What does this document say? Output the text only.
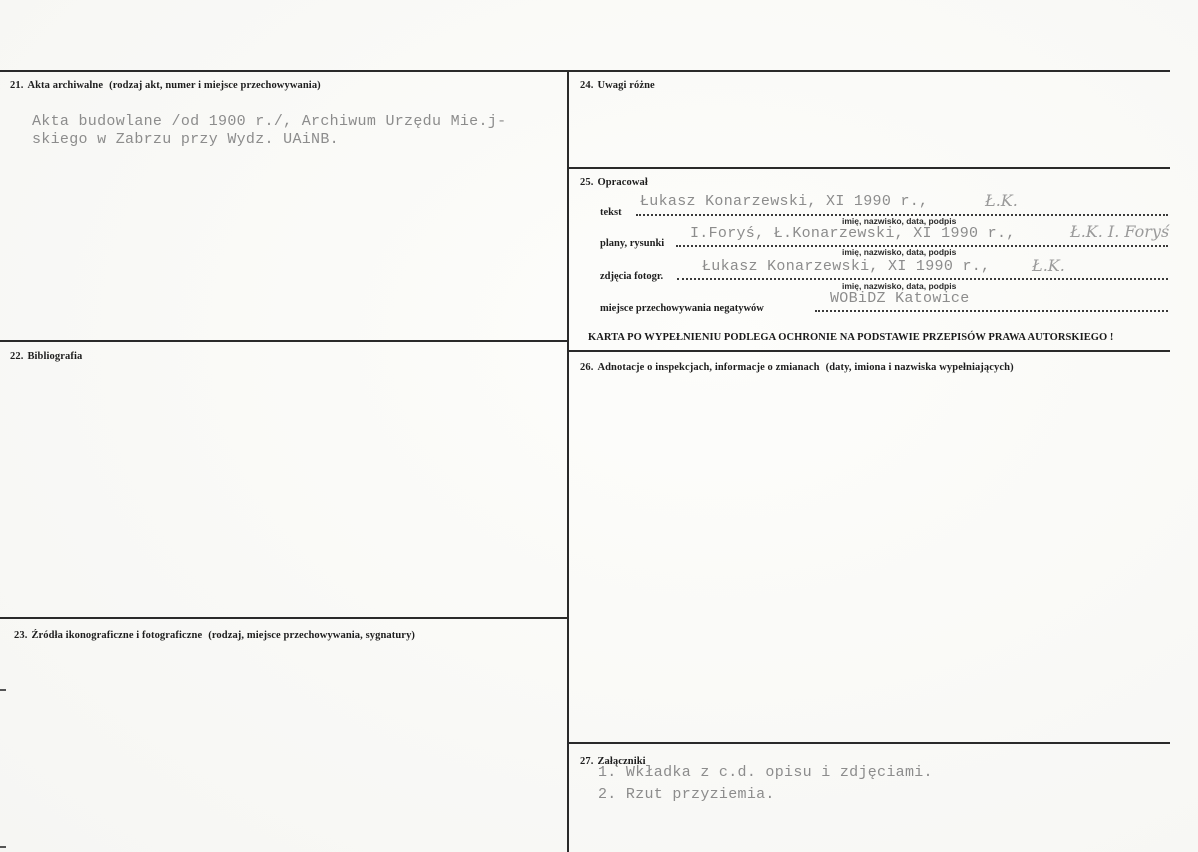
21. Akta archiwalne (rodzaj akt, numer i miejsce przechowywania)
Akta budowlane /od 1900 r./, Archiwum Urzędu Mie.j-
skiego w Zabrzu przy Wydz. UAiNB.
22. Bibliografia
23. Źródła ikonograficzne i fotograficzne (rodzaj, miejsce przechowywania, sygnatury)
24. Uwagi różne
25. Opracował
tekst
Łukasz Konarzewski, XI 1990 r.,	Ł.K.
imię, nazwisko, data, podpis
plany, rysunki
I.Foryś, Ł.Konarzewski, XI 1990 r.,	Ł.K. I. Foryś
imię, nazwisko, data, podpis
zdjęcia fotogr.
Łukasz Konarzewski, XI 1990 r.,	Ł.K.
imię, nazwisko, data, podpis
miejsce przechowywania negatywów
WOBiDZ Katowice
KARTA PO WYPEŁNIENIU PODLEGA OCHRONIE NA PODSTAWIE PRZEPISÓW PRAWA AUTORSKIEGO !
26. Adnotacje o inspekcjach, informacje o zmianach (daty, imiona i nazwiska wypełniających)
27. Załączniki
1. Wkładka z c.d. opisu i zdjęciami.
2. Rzut przyziemia.
